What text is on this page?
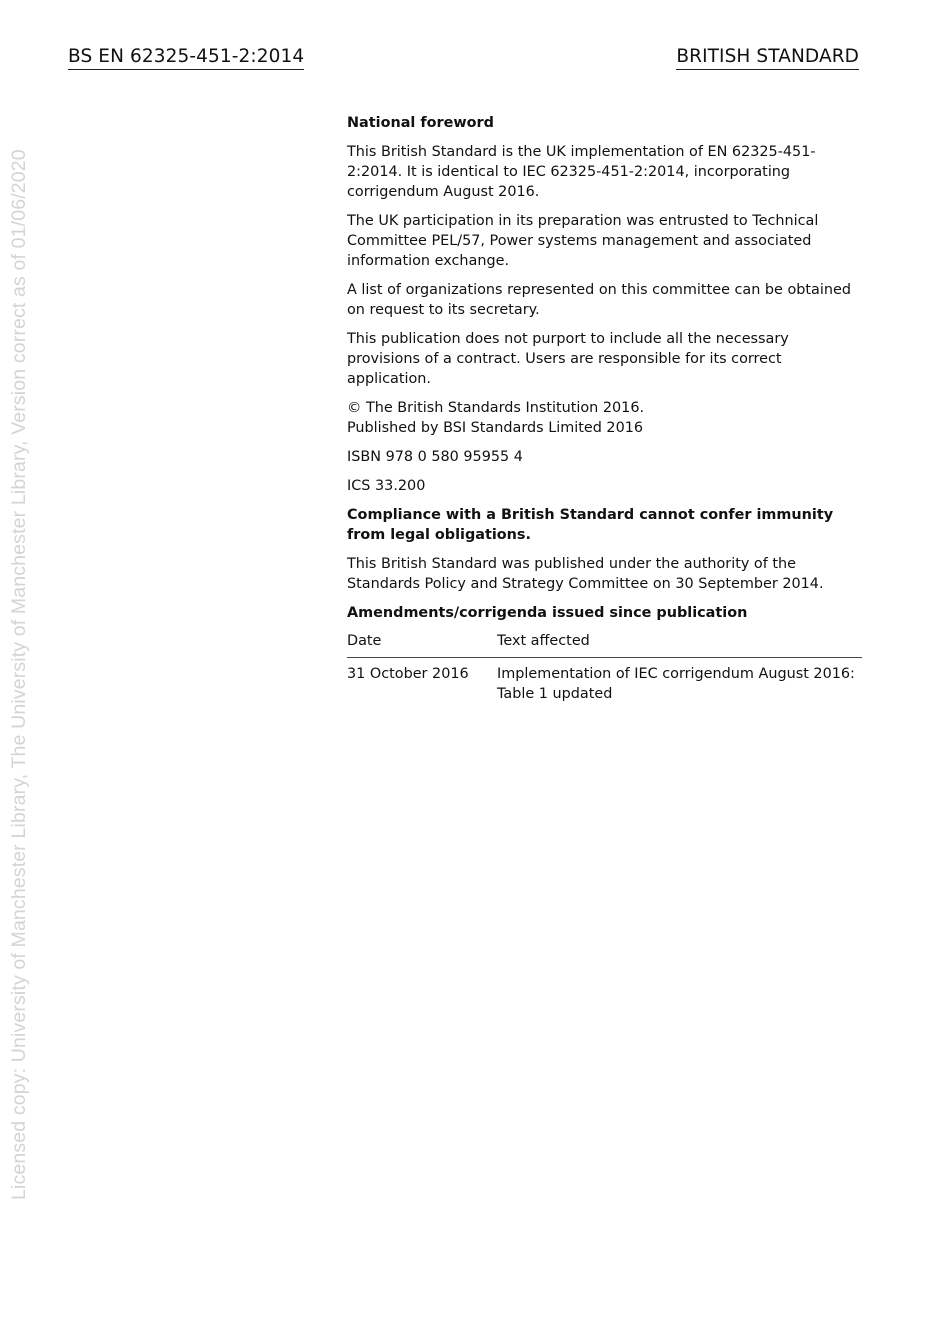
BS EN 62325-451-2:2014	BRITISH STANDARD
Licensed copy: University of Manchester Library, The University of Manchester Library, Version correct as of 01/06/2020

National foreword

This British Standard is the UK implementation of EN 62325-451-2:2014. It is identical to IEC 62325-451-2:2014, incorporating corrigendum August 2016.

The UK participation in its preparation was entrusted to Technical Committee PEL/57, Power systems management and associated information exchange.

A list of organizations represented on this committee can be obtained on request to its secretary.

This publication does not purport to include all the necessary provisions of a contract. Users are responsible for its correct application.

© The British Standards Institution 2016.
Published by BSI Standards Limited 2016

ISBN 978 0 580 95955 4

ICS 33.200

Compliance with a British Standard cannot confer immunity from legal obligations.

This British Standard was published under the authority of the Standards Policy and Strategy Committee on 30 September 2014.

Amendments/corrigenda issued since publication

Date	Text affected
31 October 2016	Implementation of IEC corrigendum August 2016:
Table 1 updated
